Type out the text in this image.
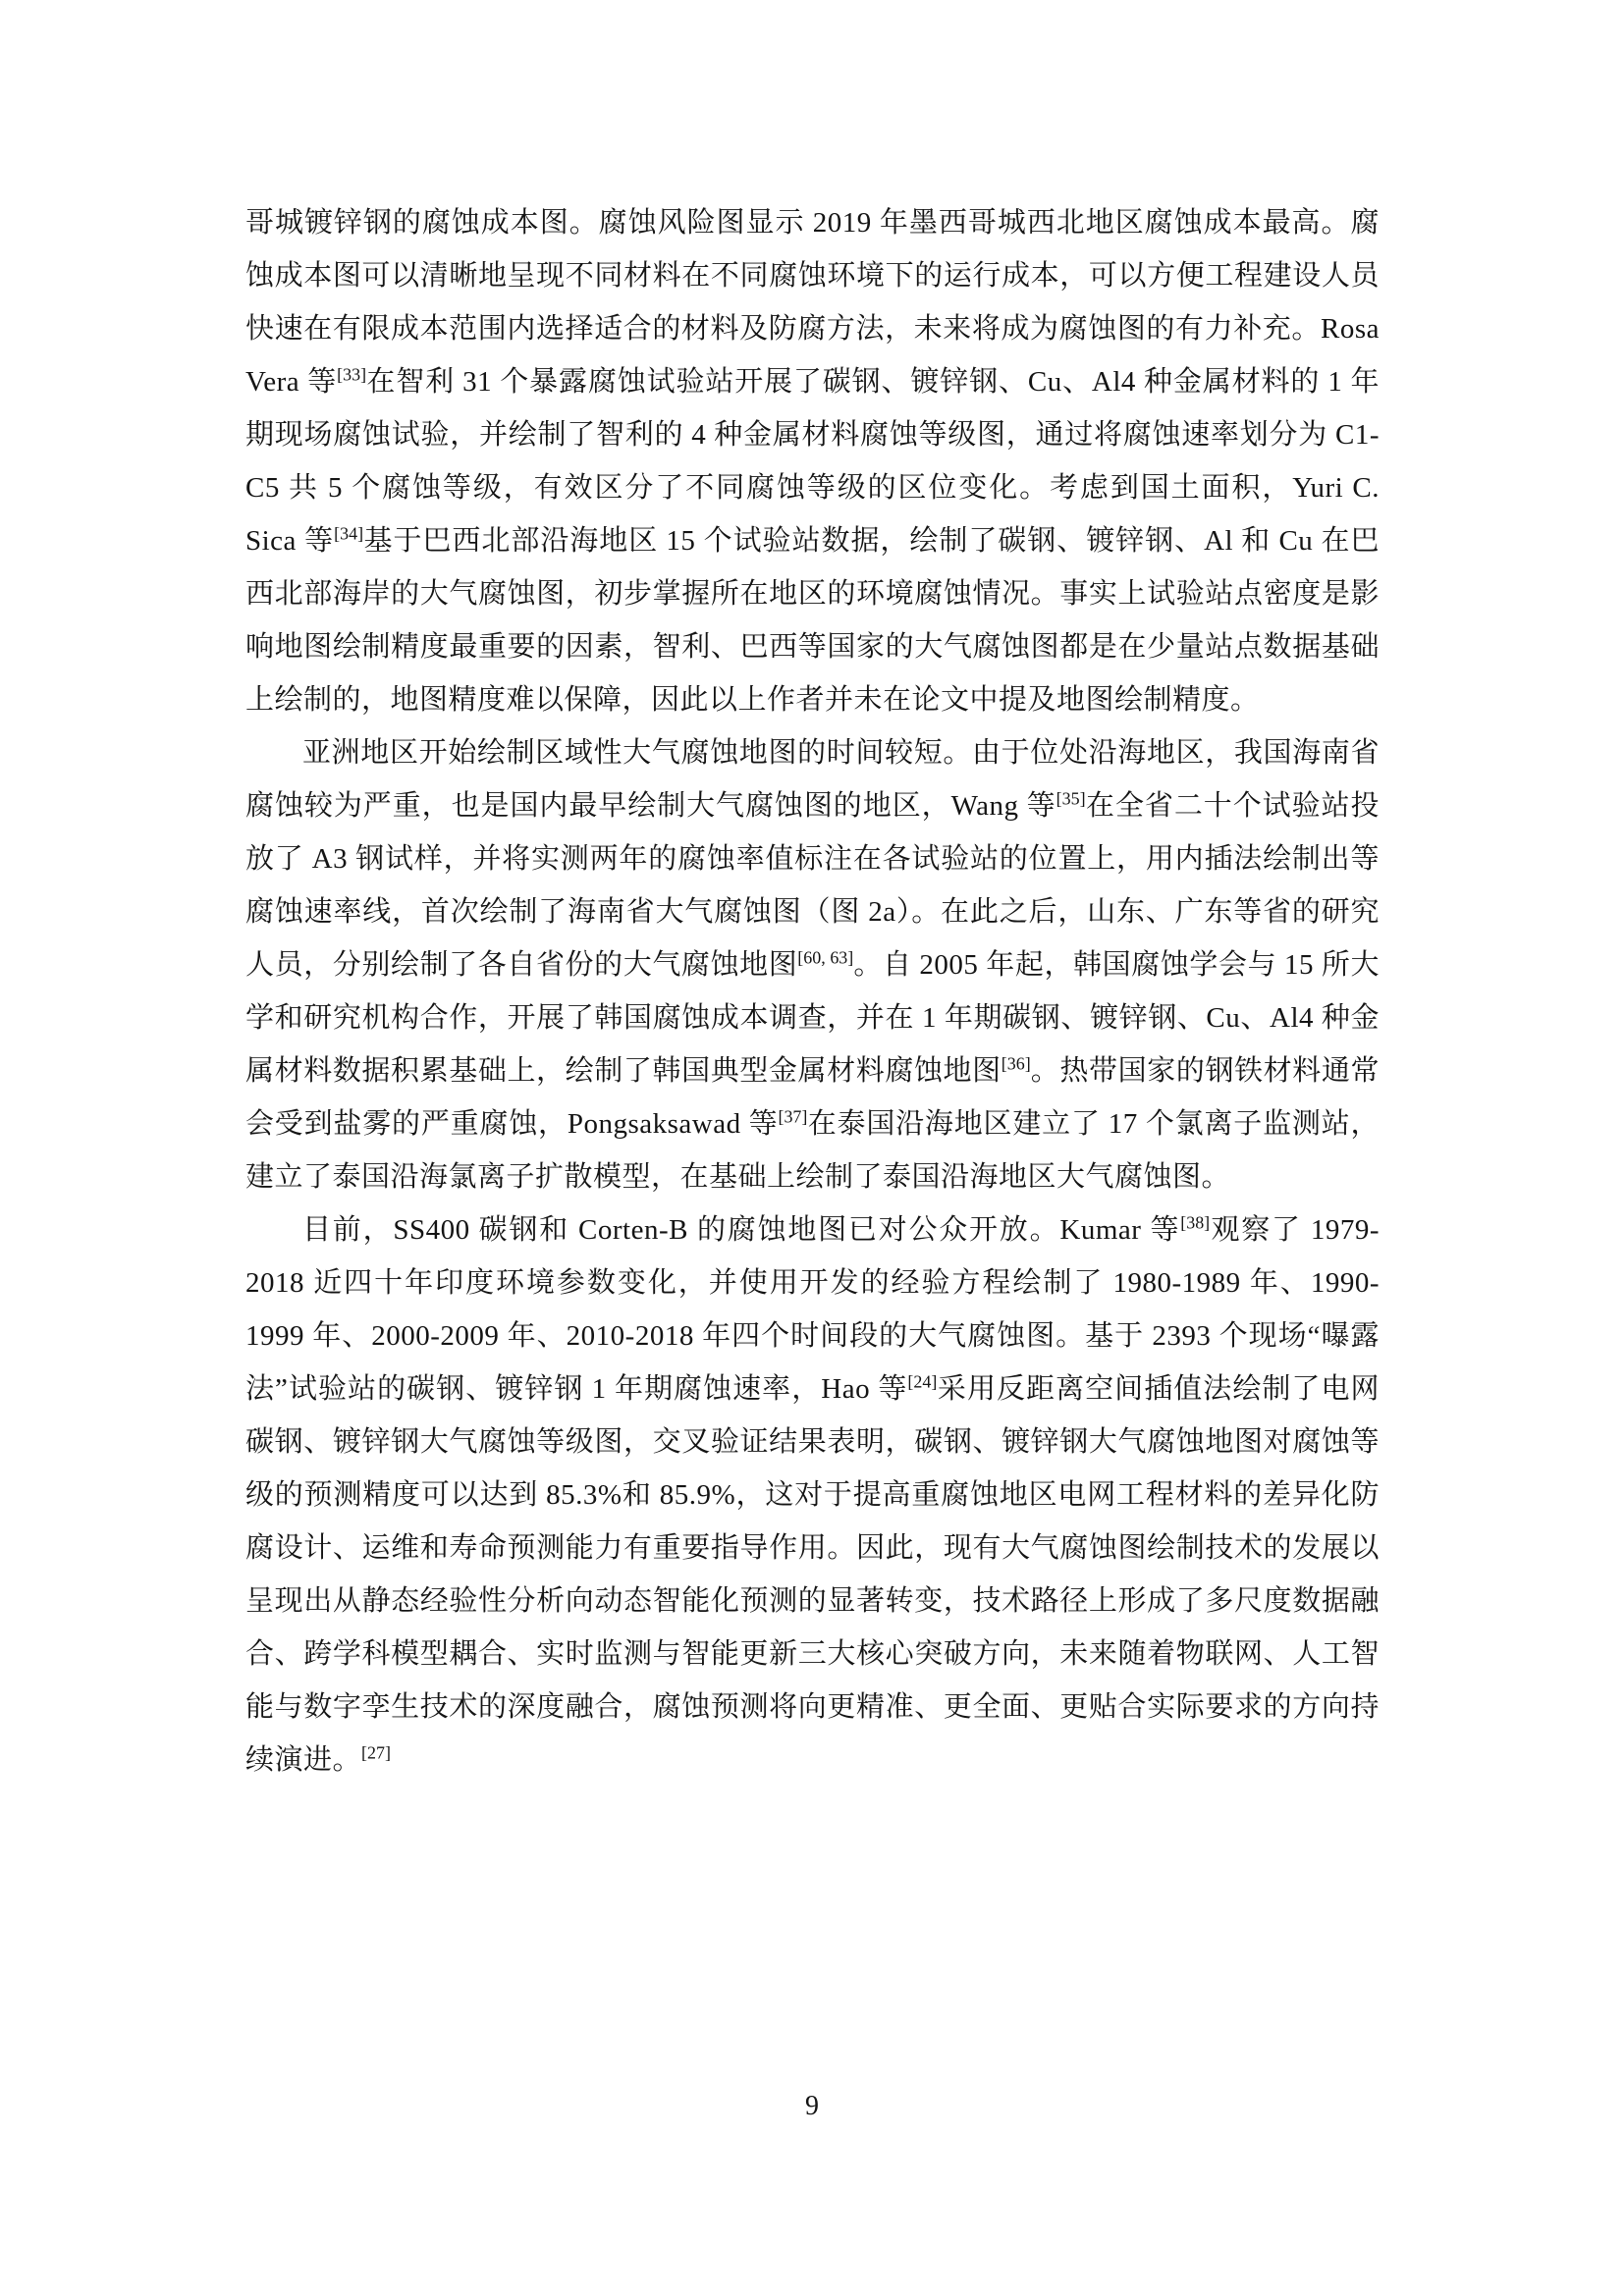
哥城镀锌钢的腐蚀成本图。腐蚀风险图显示 2019 年墨西哥城西北地区腐蚀成本最高。腐蚀成本图可以清晰地呈现不同材料在不同腐蚀环境下的运行成本，可以方便工程建设人员快速在有限成本范围内选择适合的材料及防腐方法，未来将成为腐蚀图的有力补充。Rosa Vera 等[33]在智利 31 个暴露腐蚀试验站开展了碳钢、镀锌钢、Cu、Al4 种金属材料的 1 年期现场腐蚀试验，并绘制了智利的 4 种金属材料腐蚀等级图，通过将腐蚀速率划分为 C1-C5 共 5 个腐蚀等级，有效区分了不同腐蚀等级的区位变化。考虑到国土面积，Yuri C. Sica 等[34]基于巴西北部沿海地区 15 个试验站数据，绘制了碳钢、镀锌钢、Al 和 Cu 在巴西北部海岸的大气腐蚀图，初步掌握所在地区的环境腐蚀情况。事实上试验站点密度是影响地图绘制精度最重要的因素，智利、巴西等国家的大气腐蚀图都是在少量站点数据基础上绘制的，地图精度难以保障，因此以上作者并未在论文中提及地图绘制精度。

亚洲地区开始绘制区域性大气腐蚀地图的时间较短。由于位处沿海地区，我国海南省腐蚀较为严重，也是国内最早绘制大气腐蚀图的地区，Wang 等[35]在全省二十个试验站投放了 A3 钢试样，并将实测两年的腐蚀率值标注在各试验站的位置上，用内插法绘制出等腐蚀速率线，首次绘制了海南省大气腐蚀图（图 2a）。在此之后，山东、广东等省的研究人员，分别绘制了各自省份的大气腐蚀地图[60, 63]。自 2005 年起，韩国腐蚀学会与 15 所大学和研究机构合作，开展了韩国腐蚀成本调查，并在 1 年期碳钢、镀锌钢、Cu、Al4 种金属材料数据积累基础上，绘制了韩国典型金属材料腐蚀地图[36]。热带国家的钢铁材料通常会受到盐雾的严重腐蚀，Pongsaksawad 等[37]在泰国沿海地区建立了 17 个氯离子监测站，建立了泰国沿海氯离子扩散模型，在基础上绘制了泰国沿海地区大气腐蚀图。

目前，SS400 碳钢和 Corten-B 的腐蚀地图已对公众开放。Kumar 等[38]观察了 1979-2018 近四十年印度环境参数变化，并使用开发的经验方程绘制了 1980-1989 年、1990-1999 年、2000-2009 年、2010-2018 年四个时间段的大气腐蚀图。基于 2393 个现场“曝露法”试验站的碳钢、镀锌钢 1 年期腐蚀速率，Hao 等[24]采用反距离空间插值法绘制了电网碳钢、镀锌钢大气腐蚀等级图，交叉验证结果表明，碳钢、镀锌钢大气腐蚀地图对腐蚀等级的预测精度可以达到 85.3%和 85.9%，这对于提高重腐蚀地区电网工程材料的差异化防腐设计、运维和寿命预测能力有重要指导作用。因此，现有大气腐蚀图绘制技术的发展以呈现出从静态经验性分析向动态智能化预测的显著转变，技术路径上形成了多尺度数据融合、跨学科模型耦合、实时监测与智能更新三大核心突破方向，未来随着物联网、人工智能与数字孪生技术的深度融合，腐蚀预测将向更精准、更全面、更贴合实际要求的方向持续演进。[27]

9
